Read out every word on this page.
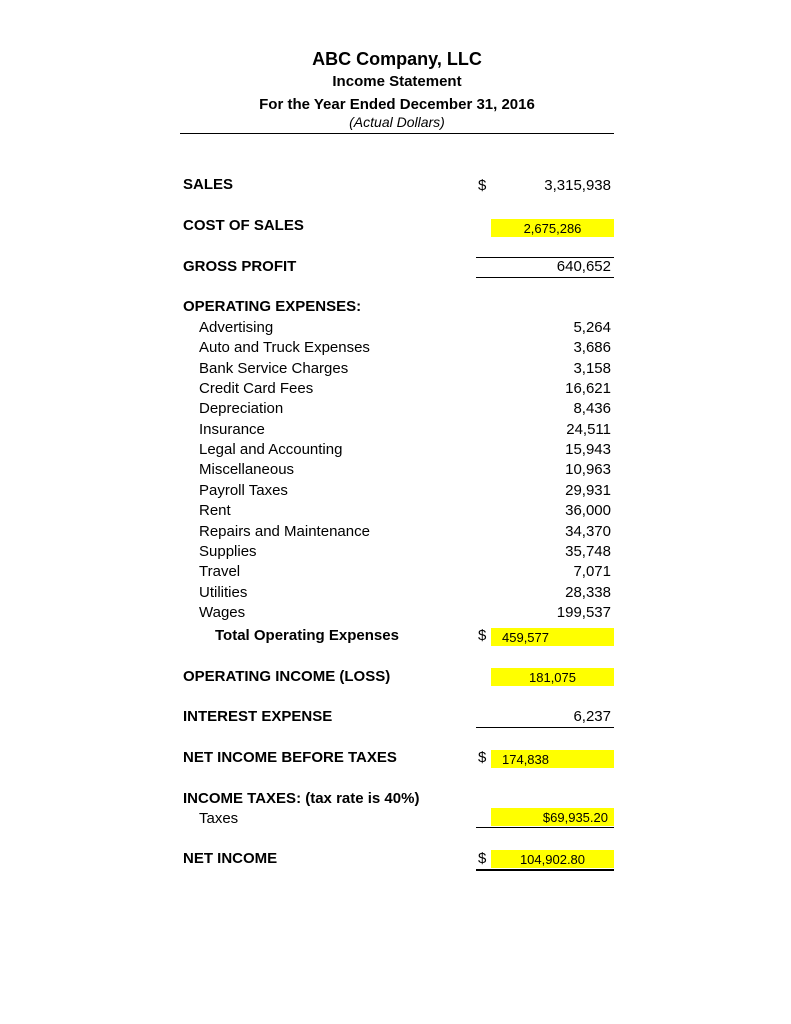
ABC Company, LLC
Income Statement
For the Year Ended December 31, 2016
(Actual Dollars)
SALES	$	3,315,938
COST OF SALES	2,675,286
GROSS PROFIT	640,652
OPERATING EXPENSES:
Advertising	5,264
Auto and Truck Expenses	3,686
Bank Service Charges	3,158
Credit Card Fees	16,621
Depreciation	8,436
Insurance	24,511
Legal and Accounting	15,943
Miscellaneous	10,963
Payroll Taxes	29,931
Rent	36,000
Repairs and Maintenance	34,370
Supplies	35,748
Travel	7,071
Utilities	28,338
Wages	199,537
Total Operating Expenses	$	459,577
OPERATING INCOME (LOSS)	181,075
INTEREST EXPENSE	6,237
NET INCOME BEFORE TAXES	$	174,838
INCOME TAXES: (tax rate is 40%)
Taxes	$69,935.20
NET INCOME	$	104,902.80
